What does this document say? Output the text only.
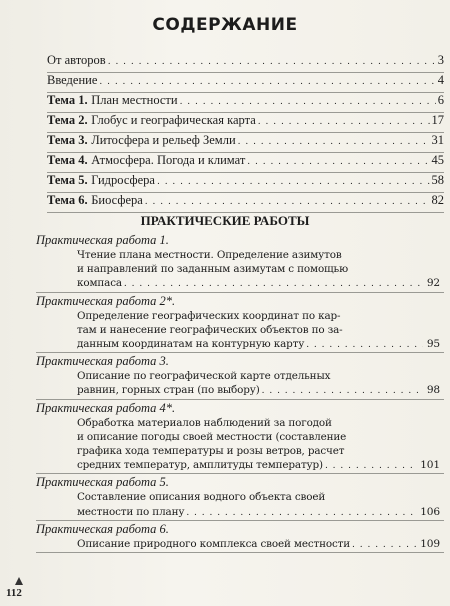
СОДЕРЖАНИЕ
От авторов . . .	3
Введение . . .	4
Тема 1.
План местности . . .	6
Тема 2.
Глобус и географическая карта . . .	17
Тема 3.
Литосфера и рельеф Земли . . .	31
Тема 4.
Атмосфера. Погода и климат . . .	45
Тема 5.
Гидросфера . . .	58
Тема 6.
Биосфера . . .	82
ПРАКТИЧЕСКИЕ РАБОТЫ
Практическая работа 1.
Чтение плана местности. Определение азимутов
и направлений по заданным азимутам с помощью
компаса . . .	92
Практическая работа 2*.
Определение географических координат по кар-
там и нанесение географических объектов по за-
данным координатам на контурную карту . . .	95
Практическая работа 3.
Описание по географической карте отдельных
равнин, горных стран (по выбору) . . .	98
Практическая работа 4*.
Обработка материалов наблюдений за погодой
и описание погоды своей местности (составление
графика хода температуры и розы ветров, расчет
средних температур, амплитуды температур) . . .	101
Практическая работа 5.
Составление описания водного объекта своей
местности по плану . . .	106
Практическая работа 6.
Описание природного комплекса своей местности . . .	109
112
